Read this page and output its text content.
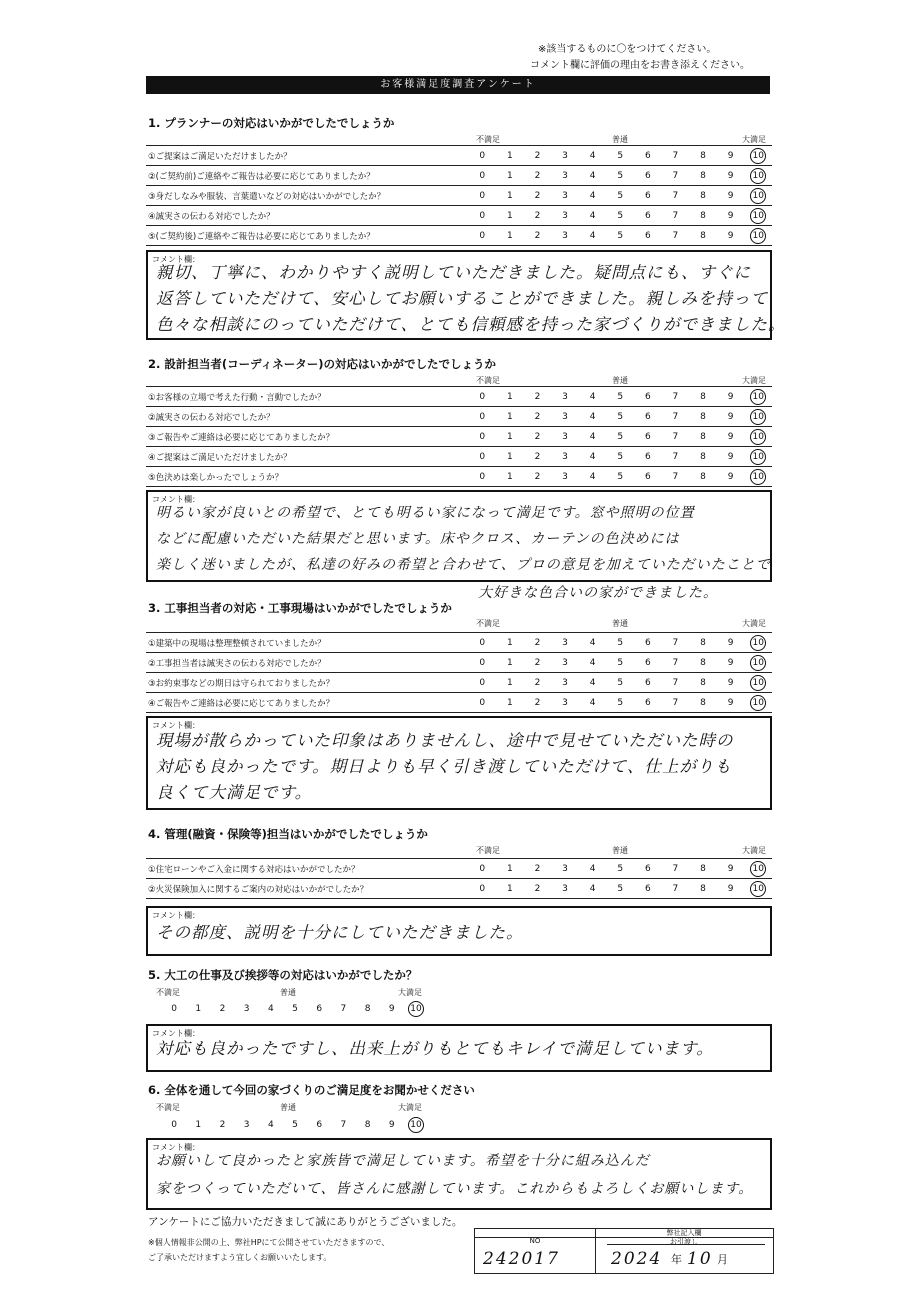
※該当するものに〇をつけてください。
コメント欄に評価の理由をお書き添えください。
お客様満足度調査アンケート
1. プランナーの対応はいかがでしたでしょうか
不満足	普通	大満足
①ご提案はご満足いただけましたか？	0	1	2	3	4	5	6	7	8	9	10
②(ご契約前)ご連絡やご報告は必要に応じてありましたか？	0	1	2	3	4	5	6	7	8	9	10
③身だしなみや服装、言葉遣いなどの対応はいかがでしたか？	0	1	2	3	4	5	6	7	8	9	10
④誠実さの伝わる対応でしたか？	0	1	2	3	4	5	6	7	8	9	10
⑤(ご契約後)ご連絡やご報告は必要に応じてありましたか？	0	1	2	3	4	5	6	7	8	9	10
コメント欄：
親切、丁寧に、わかりやすく説明していただきました。疑問点にも、すぐに
返答していただけて、安心してお願いすることができました。親しみを持って
色々な相談にのっていただけて、とても信頼感を持った家づくりができました。
2. 設計担当者(コーディネーター)の対応はいかがでしたでしょうか
不満足	普通	大満足
①お客様の立場で考えた行動・言動でしたか？	0	1	2	3	4	5	6	7	8	9	10
②誠実さの伝わる対応でしたか？	0	1	2	3	4	5	6	7	8	9	10
③ご報告やご連絡は必要に応じてありましたか？	0	1	2	3	4	5	6	7	8	9	10
④ご提案はご満足いただけましたか？	0	1	2	3	4	5	6	7	8	9	10
⑤色決めは楽しかったでしょうか？	0	1	2	3	4	5	6	7	8	9	10
コメント欄：
明るい家が良いとの希望で、とても明るい家になって満足です。窓や照明の位置
などに配慮いただいた結果だと思います。床やクロス、カーテンの色決めには
楽しく迷いましたが、私達の好みの希望と合わせて、プロの意見を加えていただいたことで
大好きな色合いの家ができました。
3. 工事担当者の対応・工事現場はいかがでしたでしょうか
不満足	普通	大満足
①建築中の現場は整理整頓されていましたか？	0	1	2	3	4	5	6	7	8	9	10
②工事担当者は誠実さの伝わる対応でしたか？	0	1	2	3	4	5	6	7	8	9	10
③お約束事などの期日は守られておりましたか？	0	1	2	3	4	5	6	7	8	9	10
④ご報告やご連絡は必要に応じてありましたか？	0	1	2	3	4	5	6	7	8	9	10
コメント欄：
現場が散らかっていた印象はありませんし、途中で見せていただいた時の
対応も良かったです。期日よりも早く引き渡していただけて、仕上がりも
良くて大満足です。
4. 管理(融資・保険等)担当はいかがでしたでしょうか
不満足	普通	大満足
①住宅ローンやご入金に関する対応はいかがでしたか？	0	1	2	3	4	5	6	7	8	9	10
②火災保険加入に関するご案内の対応はいかがでしたか？	0	1	2	3	4	5	6	7	8	9	10
コメント欄：
その都度、説明を十分にしていただきました。
5. 大工の仕事及び挨拶等の対応はいかがでしたか？
不満足	普通	大満足
0	1	2	3	4	5	6	7	8	9	10
コメント欄：
対応も良かったですし、出来上がりもとてもキレイで満足しています。
6. 全体を通して今回の家づくりのご満足度をお聞かせください
不満足	普通	大満足
0	1	2	3	4	5	6	7	8	9	10
コメント欄：
お願いして良かったと家族皆で満足しています。希望を十分に組み込んだ
家をつくっていただいて、皆さんに感謝しています。これからもよろしくお願いします。
アンケートにご協力いただきまして誠にありがとうございました。
※個人情報非公開の上、弊社HPにて公開させていただきますので、
ご了承いただけますよう宜しくお願いいたします。
弊社記入欄
NO	お引渡し
242017	2024 年 10 月
